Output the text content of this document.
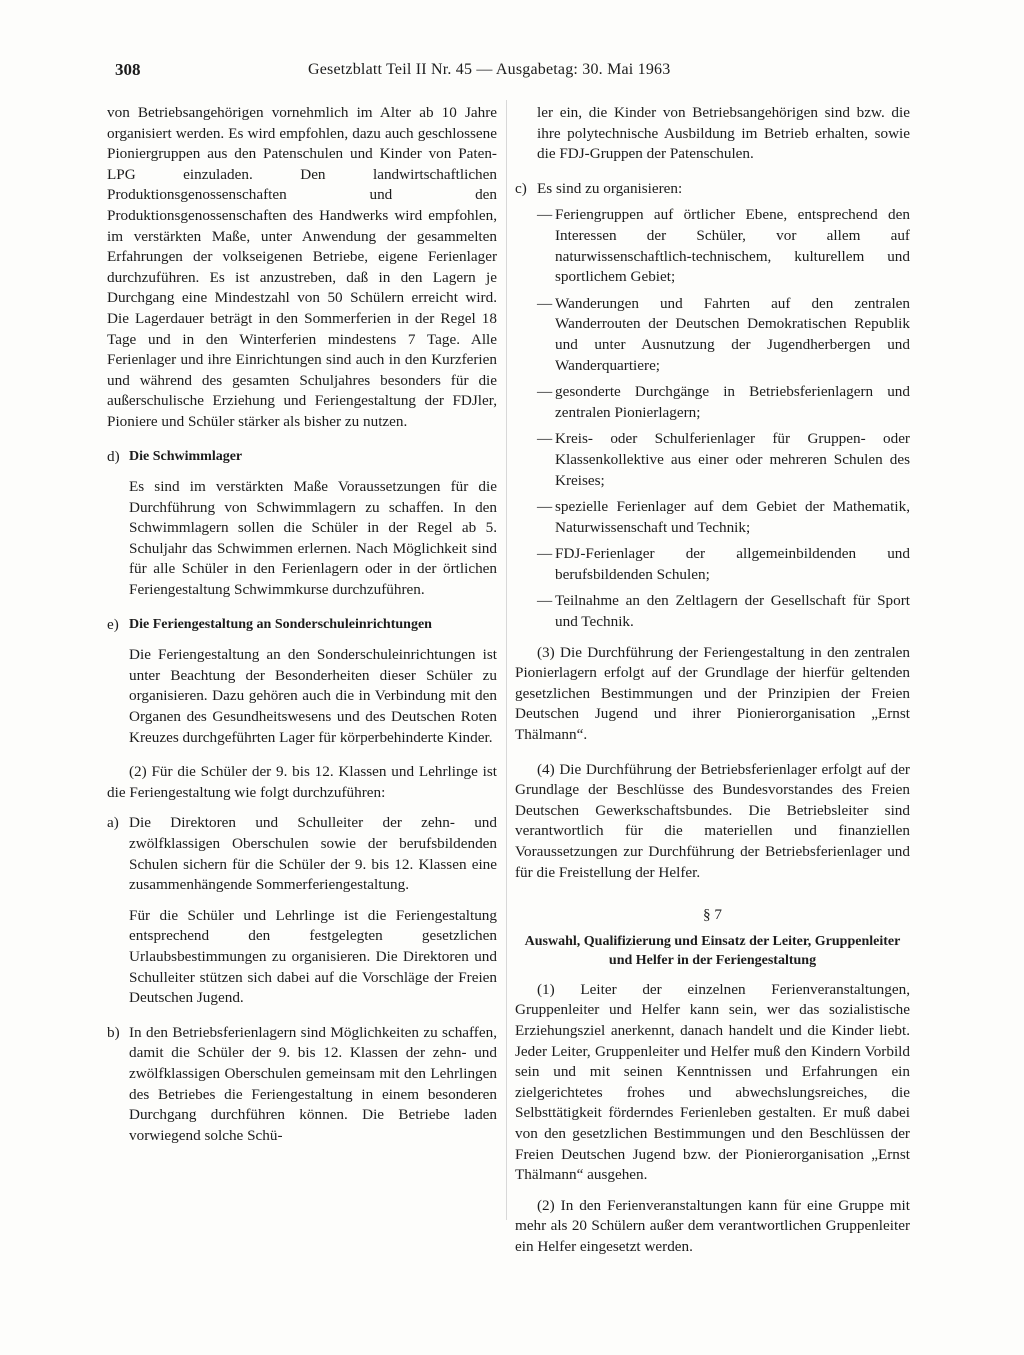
308	Gesetzblatt Teil II Nr. 45 — Ausgabetag: 30. Mai 1963

von Betriebsangehörigen vornehmlich im Alter ab 10 Jahre organisiert werden. Es wird empfohlen, dazu auch geschlossene Pioniergruppen aus den Patenschulen und Kinder von Paten-LPG einzuladen. Den landwirtschaftlichen Produktionsgenossenschaften und den Produktionsgenossenschaften des Handwerks wird empfohlen, im verstärkten Maße, unter Anwendung der gesammelten Erfahrungen der volkseigenen Betriebe, eigene Ferienlager durchzuführen. Es ist anzustreben, daß in den Lagern je Durchgang eine Mindestzahl von 50 Schülern erreicht wird. Die Lagerdauer beträgt in den Sommerferien in der Regel 18 Tage und in den Winterferien mindestens 7 Tage. Alle Ferienlager und ihre Einrichtungen sind auch in den Kurzferien und während des gesamten Schuljahres besonders für die außerschulische Erziehung und Feriengestaltung der FDJler, Pioniere und Schüler stärker als bisher zu nutzen.

d) Die Schwimmlager

Es sind im verstärkten Maße Voraussetzungen für die Durchführung von Schwimmlagern zu schaffen. In den Schwimmlagern sollen die Schüler in der Regel ab 5. Schuljahr das Schwimmen erlernen. Nach Möglichkeit sind für alle Schüler in den Ferienlagern oder in der örtlichen Feriengestaltung Schwimmkurse durchzuführen.

e) Die Feriengestaltung an Sonderschuleinrichtungen

Die Feriengestaltung an den Sonderschuleinrichtungen ist unter Beachtung der Besonderheiten dieser Schüler zu organisieren. Dazu gehören auch die in Verbindung mit den Organen des Gesundheitswesens und des Deutschen Roten Kreuzes durchgeführten Lager für körperbehinderte Kinder.

(2) Für die Schüler der 9. bis 12. Klassen und Lehrlinge ist die Feriengestaltung wie folgt durchzuführen:

a) Die Direktoren und Schulleiter der zehn- und zwölfklassigen Oberschulen sowie der berufsbildenden Schulen sichern für die Schüler der 9. bis 12. Klassen eine zusammenhängende Sommerferiengestaltung.

Für die Schüler und Lehrlinge ist die Feriengestaltung entsprechend den festgelegten gesetzlichen Urlaubsbestimmungen zu organisieren. Die Direktoren und Schulleiter stützen sich dabei auf die Vorschläge der Freien Deutschen Jugend.

b) In den Betriebsferienlagern sind Möglichkeiten zu schaffen, damit die Schüler der 9. bis 12. Klassen der zehn- und zwölfklassigen Oberschulen gemeinsam mit den Lehrlingen des Betriebes die Feriengestaltung in einem besonderen Durchgang durchführen können. Die Betriebe laden vorwiegend solche Schü-

ler ein, die Kinder von Betriebsangehörigen sind bzw. die ihre polytechnische Ausbildung im Betrieb erhalten, sowie die FDJ-Gruppen der Patenschulen.

c) Es sind zu organisieren:
— Feriengruppen auf örtlicher Ebene, entsprechend den Interessen der Schüler, vor allem auf naturwissenschaftlich-technischem, kulturellem und sportlichem Gebiet;
— Wanderungen und Fahrten auf den zentralen Wanderrouten der Deutschen Demokratischen Republik und unter Ausnutzung der Jugendherbergen und Wanderquartiere;
— gesonderte Durchgänge in Betriebsferienlagern und zentralen Pionierlagern;
— Kreis- oder Schulferienlager für Gruppen- oder Klassenkollektive aus einer oder mehreren Schulen des Kreises;
— spezielle Ferienlager auf dem Gebiet der Mathematik, Naturwissenschaft und Technik;
— FDJ-Ferienlager der allgemeinbildenden und berufsbildenden Schulen;
— Teilnahme an den Zeltlagern der Gesellschaft für Sport und Technik.

(3) Die Durchführung der Feriengestaltung in den zentralen Pionierlagern erfolgt auf der Grundlage der hierfür geltenden gesetzlichen Bestimmungen und der Prinzipien der Freien Deutschen Jugend und ihrer Pionierorganisation „Ernst Thälmann“.

(4) Die Durchführung der Betriebsferienlager erfolgt auf der Grundlage der Beschlüsse des Bundesvorstandes des Freien Deutschen Gewerkschaftsbundes. Die Betriebsleiter sind verantwortlich für die materiellen und finanziellen Voraussetzungen zur Durchführung der Betriebsferienlager und für die Freistellung der Helfer.

§ 7
Auswahl, Qualifizierung und Einsatz der Leiter, Gruppenleiter und Helfer in der Feriengestaltung

(1) Leiter der einzelnen Ferienveranstaltungen, Gruppenleiter und Helfer kann sein, wer das sozialistische Erziehungsziel anerkennt, danach handelt und die Kinder liebt. Jeder Leiter, Gruppenleiter und Helfer muß den Kindern Vorbild sein und mit seinen Kenntnissen und Erfahrungen ein zielgerichtetes frohes und abwechslungsreiches, die Selbsttätigkeit förderndes Ferienleben gestalten. Er muß dabei von den gesetzlichen Bestimmungen und den Beschlüssen der Freien Deutschen Jugend bzw. der Pionierorganisation „Ernst Thälmann“ ausgehen.

(2) In den Ferienveranstaltungen kann für eine Gruppe mit mehr als 20 Schülern außer dem verantwortlichen Gruppenleiter ein Helfer eingesetzt werden.
